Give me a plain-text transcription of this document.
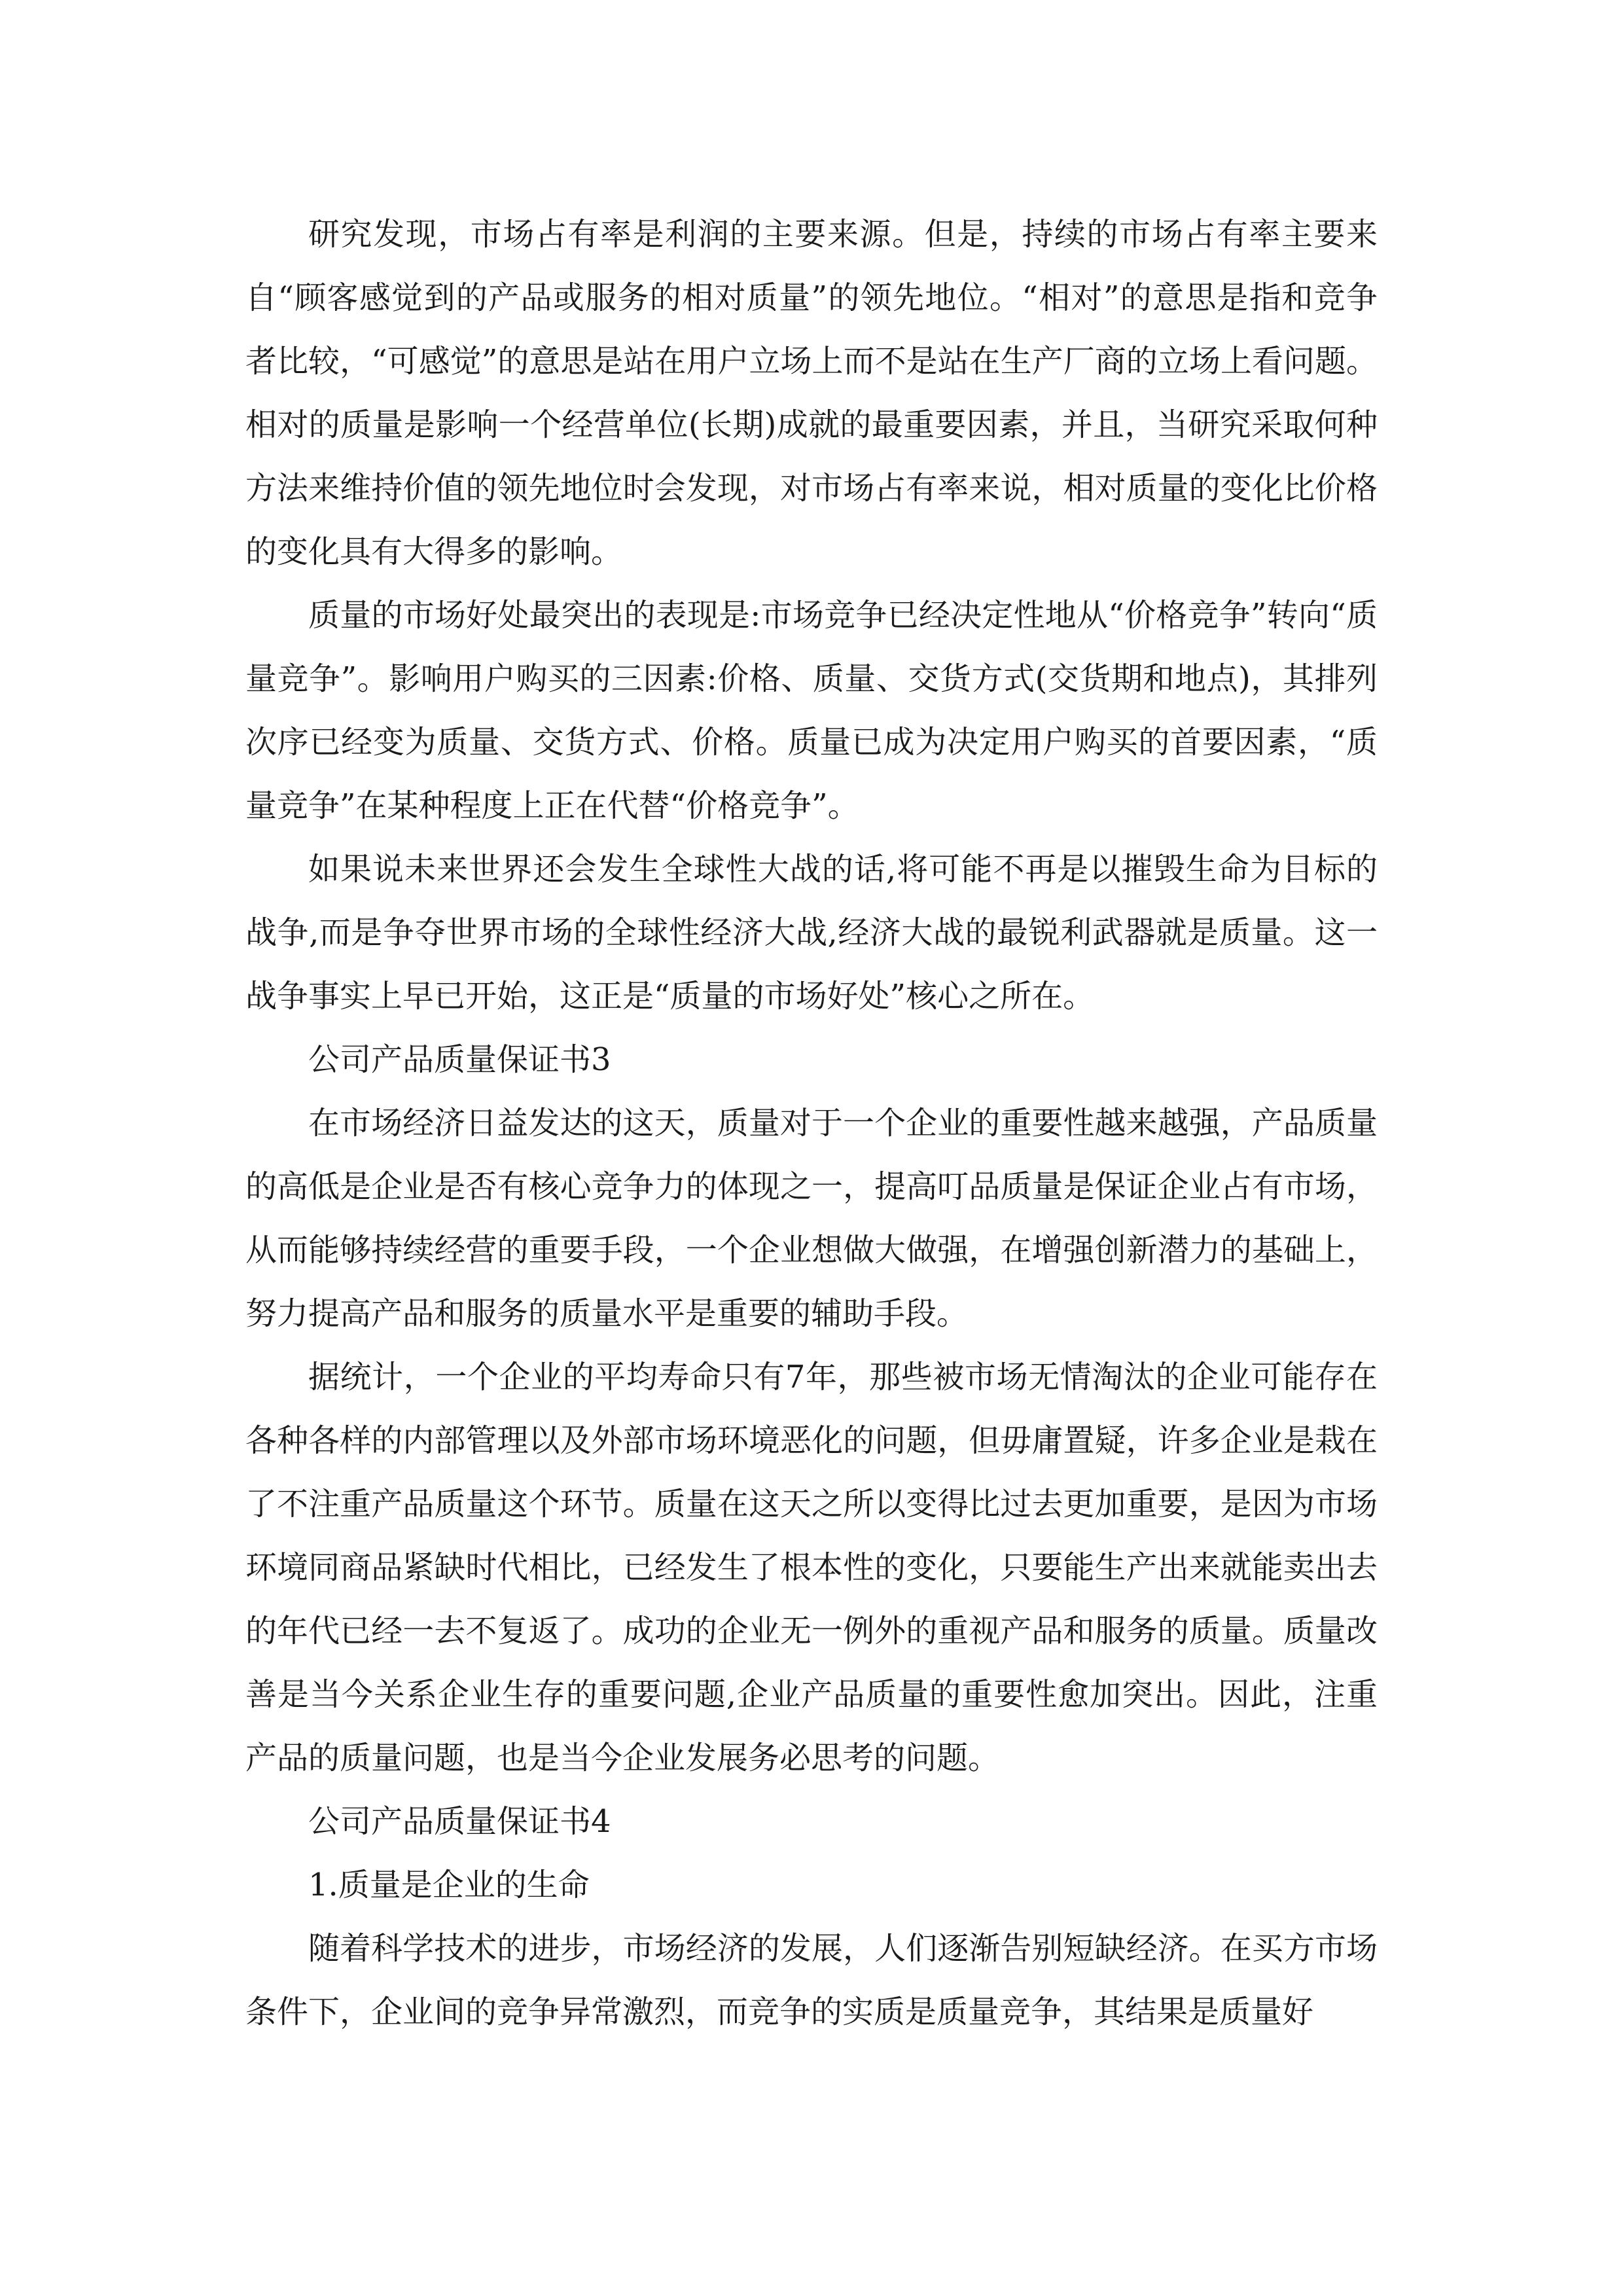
研究发现，市场占有率是利润的主要来源。但是，持续的市场占有率主要来自“顾客感觉到的产品或服务的相对质量”的领先地位。“相对”的意思是指和竞争者比较，“可感觉”的意思是站在用户立场上而不是站在生产厂商的立场上看问题。相对的质量是影响一个经营单位(长期)成就的最重要因素，并且，当研究采取何种方法来维持价值的领先地位时会发现，对市场占有率来说，相对质量的变化比价格的变化具有大得多的影响。

质量的市场好处最突出的表现是:市场竞争已经决定性地从“价格竞争”转向“质量竞争”。影响用户购买的三因素:价格、质量、交货方式(交货期和地点)，其排列次序已经变为质量、交货方式、价格。质量已成为决定用户购买的首要因素，“质量竞争”在某种程度上正在代替“价格竞争”。

如果说未来世界还会发生全球性大战的话,将可能不再是以摧毁生命为目标的战争,而是争夺世界市场的全球性经济大战,经济大战的最锐利武器就是质量。这一战争事实上早已开始，这正是“质量的市场好处”核心之所在。

公司产品质量保证书3

在市场经济日益发达的这天，质量对于一个企业的重要性越来越强，产品质量的高低是企业是否有核心竞争力的体现之一，提高叮品质量是保证企业占有市场，从而能够持续经营的重要手段，一个企业想做大做强，在增强创新潜力的基础上，努力提高产品和服务的质量水平是重要的辅助手段。

据统计，一个企业的平均寿命只有7年，那些被市场无情淘汰的企业可能存在各种各样的内部管理以及外部市场环境恶化的问题，但毋庸置疑，许多企业是栽在了不注重产品质量这个环节。质量在这天之所以变得比过去更加重要，是因为市场环境同商品紧缺时代相比，已经发生了根本性的变化，只要能生产出来就能卖出去的年代已经一去不复返了。成功的企业无一例外的重视产品和服务的质量。质量改善是当今关系企业生存的重要问题,企业产品质量的重要性愈加突出。因此，注重产品的质量问题，也是当今企业发展务必思考的问题。

公司产品质量保证书4

1.质量是企业的生命

随着科学技术的进步，市场经济的发展，人们逐渐告别短缺经济。在买方市场条件下，企业间的竞争异常激烈，而竞争的实质是质量竞争，其结果是质量好
